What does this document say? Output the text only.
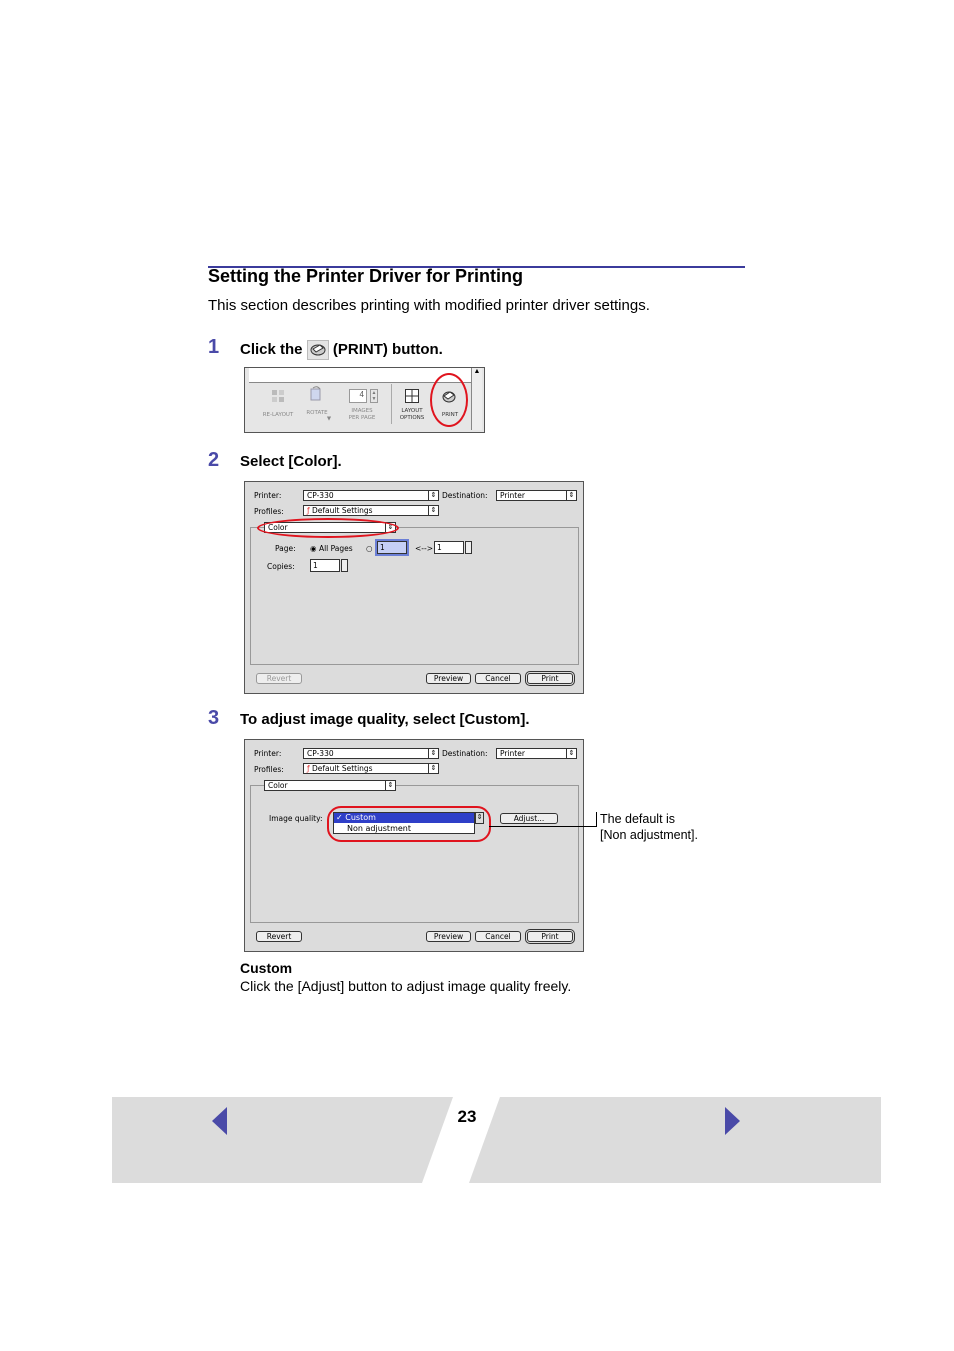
Setting the Printer Driver for Printing
This section describes printing with modified printer driver settings.
1 Click the (PRINT) button.
▲
RE-LAYOUT	ROTATE
▼
4	▲
▼
IMAGES
PER PAGE
LAYOUT
OPTIONS	PRINT
2 Select [Color].
Printer:	CP-330	⇕ Destination:	Printer	⇕
Profiles:	ƒ Default Settings	⇕
Color	⇕
Page: ◉ All Pages ○ 1	<--> 1
Copies:	1
Revert	Preview	Cancel	Print
3 To adjust image quality, select [Custom].
Printer:	CP-330	⇕ Destination:	Printer	⇕
Profiles:	ƒ Default Settings	⇕
Color	⇕
Image quality: ✓ Custom
Non adjustment
⇕	Adjust...
Revert	Preview	Cancel	Print
The default is
[Non adjustment].
Custom
Click the [Adjust] button to adjust image quality freely.
23
